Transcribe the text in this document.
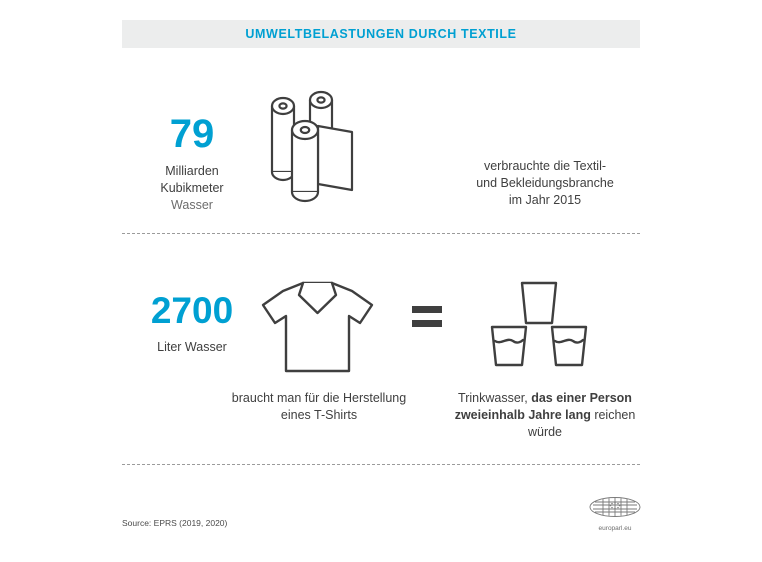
UMWELTBELASTUNGEN DURCH TEXTILE
79
Milliarden
Kubikmeter
Wasser
verbrauchte die Textil-
und Bekleidungsbranche
im Jahr 2015
2700
Liter Wasser
braucht man für die Herstellung
eines T-Shirts
Trinkwasser, das einer Person
zweieinhalb Jahre lang reichen
würde
Source: EPRS (2019, 2020)
europarl.eu
